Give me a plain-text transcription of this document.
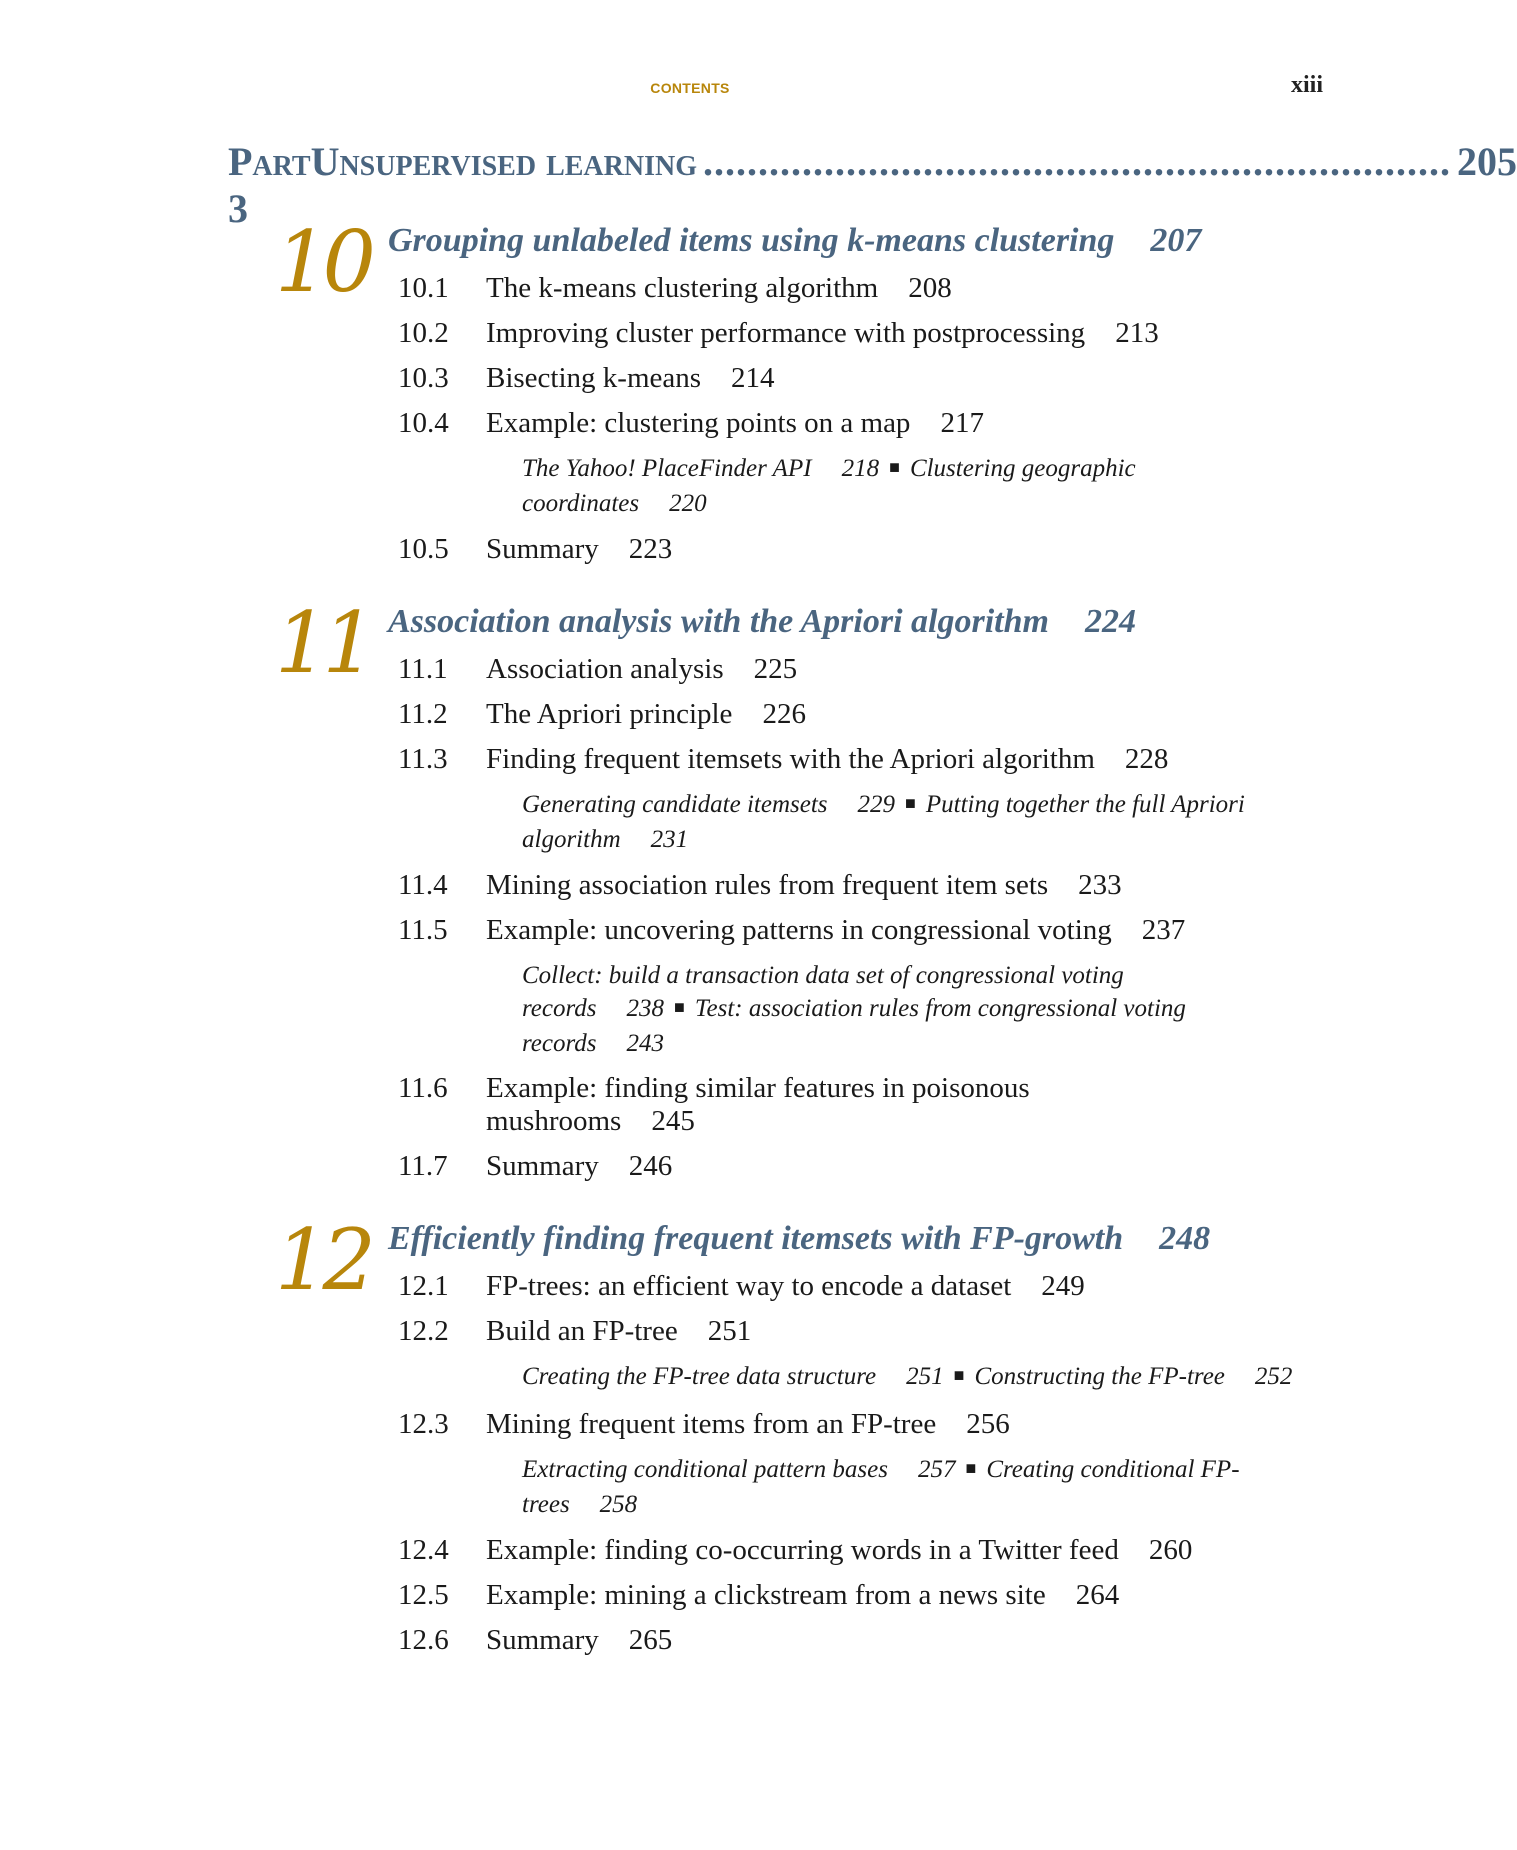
CONTENTS	xiii
Part 3
Unsupervised learning .................................................................... 205
10 Grouping unlabeled items using k-means clustering 207
10.1 The k-means clustering algorithm 208
10.2 Improving cluster performance with postprocessing 213
10.3 Bisecting k-means 214
10.4 Example: clustering points on a map 217
The Yahoo! PlaceFinder API 218 ■ Clustering geographic coordinates 220
10.5 Summary 223
11 Association analysis with the Apriori algorithm 224
11.1 Association analysis 225
11.2 The Apriori principle 226
11.3 Finding frequent itemsets with the Apriori algorithm 228
Generating candidate itemsets 229 ■ Putting together the full Apriori algorithm 231
11.4 Mining association rules from frequent item sets 233
11.5 Example: uncovering patterns in congressional voting 237
Collect: build a transaction data set of congressional voting records 238 ■ Test: association rules from congressional voting records 243
11.6 Example: finding similar features in poisonous
mushrooms 245
11.7 Summary 246
12 Efficiently finding frequent itemsets with FP-growth 248
12.1 FP-trees: an efficient way to encode a dataset 249
12.2 Build an FP-tree 251
Creating the FP-tree data structure 251 ■ Constructing the FP-tree 252
12.3 Mining frequent items from an FP-tree 256
Extracting conditional pattern bases 257 ■ Creating conditional FP-trees 258
12.4 Example: finding co-occurring words in a Twitter feed 260
12.5 Example: mining a clickstream from a news site 264
12.6 Summary 265
